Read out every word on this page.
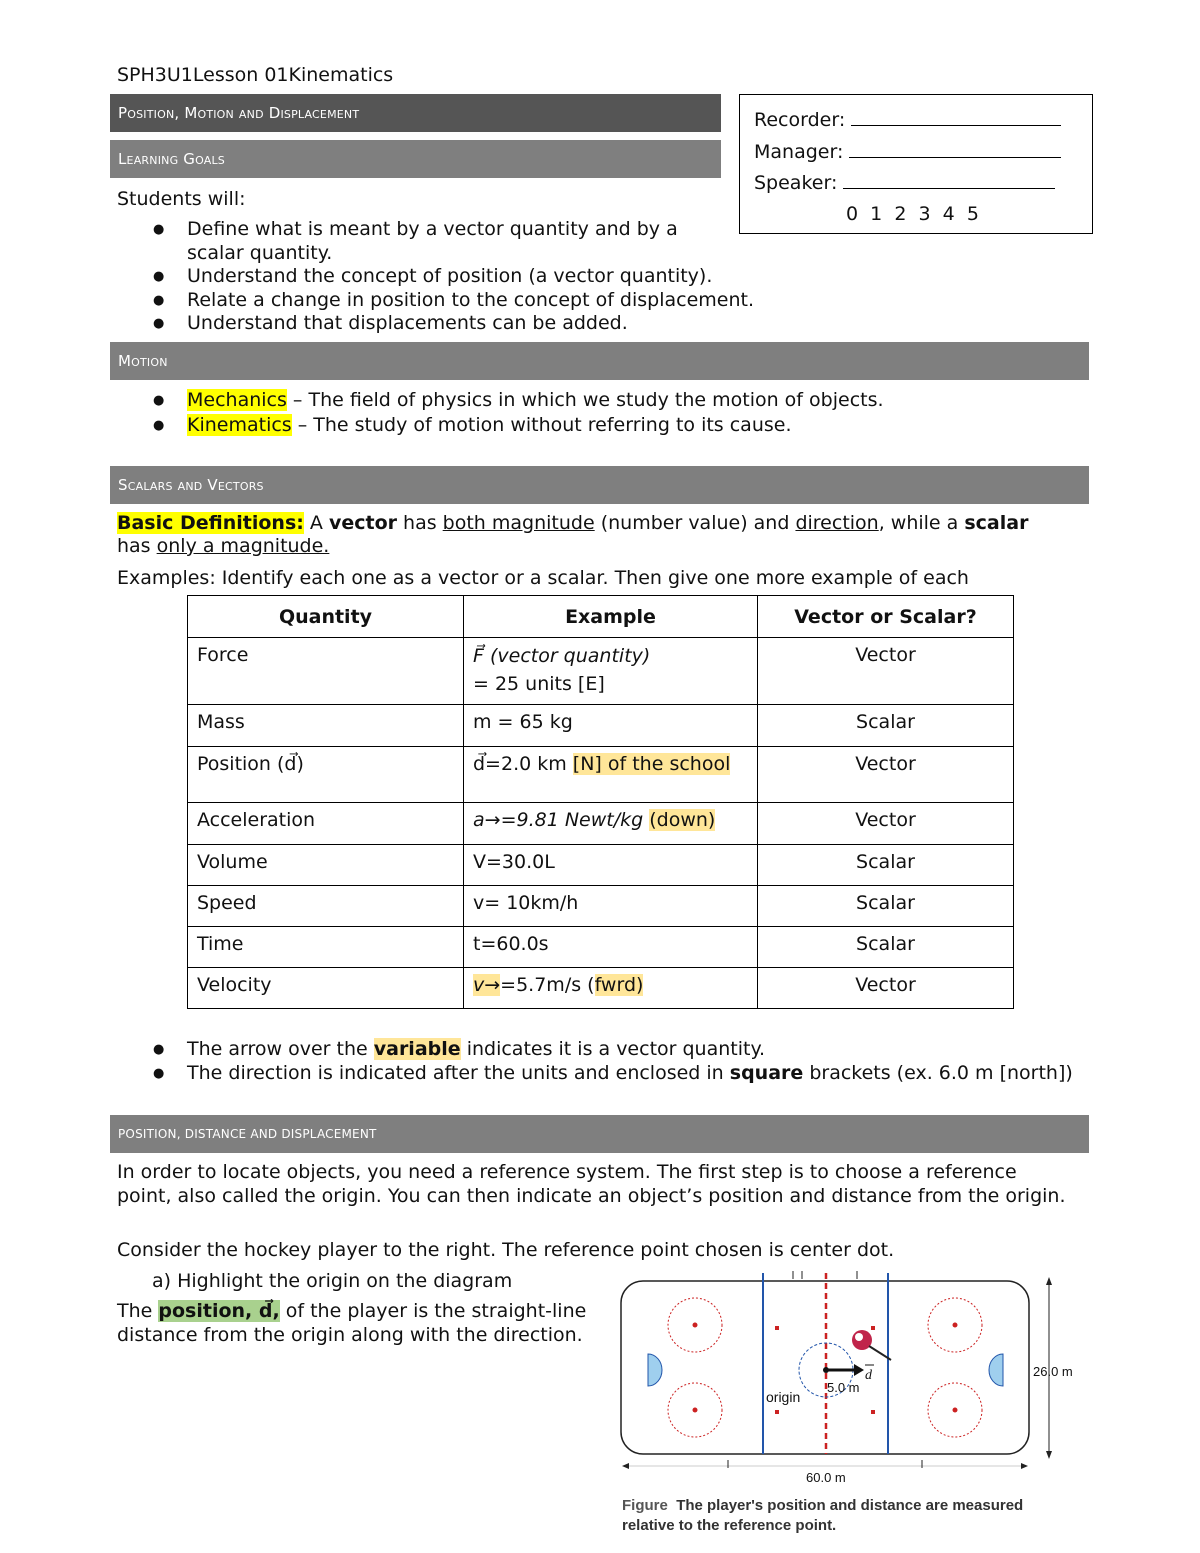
SPH3U1Lesson 01Kinematics
Position, Motion and Displacement
Learning Goals
Recorder:
Manager:
Speaker:
0  1  2  3  4  5
Students will:
● Define what is meant by a vector quantity and by a scalar quantity.
● Understand the concept of position (a vector quantity).
● Relate a change in position to the concept of displacement.
● Understand that displacements can be added.
Motion
● Mechanics – The field of physics in which we study the motion of objects.
● Kinematics – The study of motion without referring to its cause.
Scalars and Vectors
Basic Definitions: A vector has both magnitude (number value) and direction, while a scalar
has only a magnitude.
Examples: Identify each one as a vector or a scalar. Then give one more example of each
Quantity	Example	Vector or Scalar?
Force	F⃗ (vector quantity)
= 25 units [E]	Vector
Mass	m = 65 kg	Scalar
Position (d⃗)	d⃗=2.0 km [N] of the school	Vector
Acceleration	a→=9.81 Newt/kg (down)	Vector
Volume	V=30.0L	Scalar
Speed	v= 10km/h	Scalar
Time	t=60.0s	Scalar
Velocity	v→=5.7m/s (fwrd)	Vector
● The arrow over the variable indicates it is a vector quantity.
● The direction is indicated after the units and enclosed in square brackets (ex. 6.0 m [north])
POSITION, DISTANCE AND DISPLACEMENT
In order to locate objects, you need a reference system. The first step is to choose a reference point, also called the origin. You can then indicate an object’s position and distance from the origin.
Consider the hockey player to the right. The reference point chosen is center dot.
a) Highlight the origin on the diagram
The position, d⃗, of the player is the straight-line distance from the origin along with the direction.
d
5.0 m
origin
26.0 m
60.0 m
Figure The player's position and distance are measured relative to the reference point.
